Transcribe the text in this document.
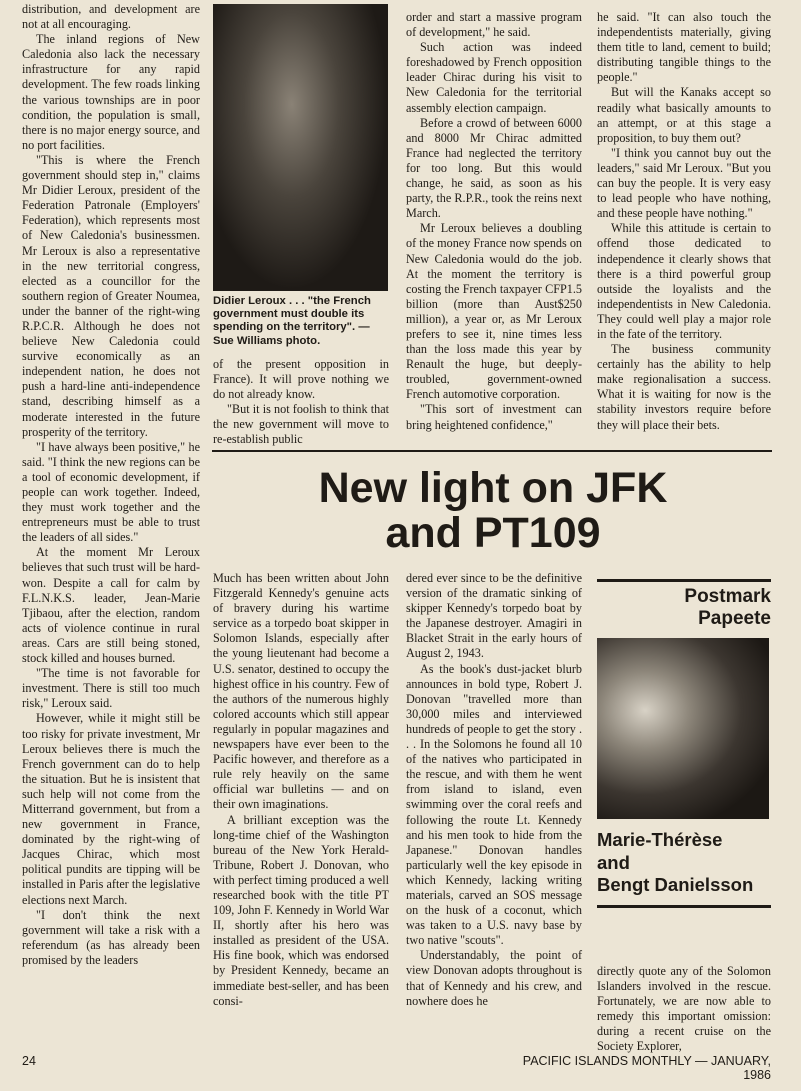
distribution, and development are not at all encouraging.

The inland regions of New Caledonia also lack the necessary infrastructure for any rapid development. The few roads linking the various townships are in poor condition, the population is small, there is no major energy source, and no port facilities.

"This is where the French government should step in," claims Mr Didier Leroux, president of the Federation Patronale (Employers' Federation), which represents most of New Caledonia's businessmen. Mr Leroux is also a representative in the new territorial congress, elected as a councillor for the southern region of Greater Noumea, under the banner of the right-wing R.P.C.R. Although he does not believe New Caledonia could survive economically as an independent nation, he does not push a hard-line anti-independence stand, describing himself as a moderate interested in the future prosperity of the territory.

"I have always been positive," he said. "I think the new regions can be a tool of economic development, if people can work together. Indeed, they must work together and the entrepreneurs must be able to trust the leaders of all sides."

At the moment Mr Leroux believes that such trust will be hard-won. Despite a call for calm by F.L.N.K.S. leader, Jean-Marie Tjibaou, after the election, random acts of violence continue in rural areas. Cars are still being stoned, stock killed and houses burned.

"The time is not favorable for investment. There is still too much risk," Leroux said.

However, while it might still be too risky for private investment, Mr Leroux believes there is much the French government can do to help the situation. But he is insistent that such help will not come from the Mitterrand government, but from a new government in France, dominated by the right-wing of Jacques Chirac, which most political pundits are tipping will be installed in Paris after the legislative elections next March.

"I don't think the next government will take a risk with a referendum (as has already been promised by the leaders

Didier Leroux . . . "the French government must double its spending on the territory". — Sue Williams photo.

of the present opposition in France). It will prove nothing we do not already know.

"But it is not foolish to think that the new government will move to re-establish public

order and start a massive program of development," he said.

Such action was indeed foreshadowed by French opposition leader Chirac during his visit to New Caledonia for the territorial assembly election campaign.

Before a crowd of between 6000 and 8000 Mr Chirac admitted France had neglected the territory for too long. But this would change, he said, as soon as his party, the R.P.R., took the reins next March.

Mr Leroux believes a doubling of the money France now spends on New Caledonia would do the job. At the moment the territory is costing the French taxpayer CFP1.5 billion (more than Aust$250 million), a year or, as Mr Leroux prefers to see it, nine times less than the loss made this year by Renault the huge, but deeply-troubled, government-owned French automotive corporation.

"This sort of investment can bring heightened confidence,"

he said. "It can also touch the independentists materially, giving them title to land, cement to build; distributing tangible things to the people."

But will the Kanaks accept so readily what basically amounts to an attempt, or at this stage a proposition, to buy them out?

"I think you cannot buy out the leaders," said Mr Leroux. "But you can buy the people. It is very easy to lead people who have nothing, and these people have nothing."

While this attitude is certain to offend those dedicated to independence it clearly shows that there is a third powerful group outside the loyalists and the independentists in New Caledonia. They could well play a major role in the fate of the territory.

The business community certainly has the ability to help make regionalisation a success. What it is waiting for now is the stability investors require before they will place their bets.

New light on JFK
and PT109

Much has been written about John Fitzgerald Kennedy's genuine acts of bravery during his wartime service as a torpedo boat skipper in Solomon Islands, especially after the young lieutenant had become a U.S. senator, destined to occupy the highest office in his country. Few of the authors of the numerous highly colored accounts which still appear regularly in popular magazines and newspapers have ever been to the Pacific however, and therefore as a rule rely heavily on the same official war bulletins — and on their own imaginations.

A brilliant exception was the long-time chief of the Washington bureau of the New York Herald-Tribune, Robert J. Donovan, who with perfect timing produced a well researched book with the title PT 109, John F. Kennedy in World War II, shortly after his hero was installed as president of the USA. His fine book, which was endorsed by President Kennedy, became an immediate best-seller, and has been consi-

dered ever since to be the definitive version of the dramatic sinking of skipper Kennedy's torpedo boat by the Japanese destroyer. Amagiri in Blacket Strait in the early hours of August 2, 1943.

As the book's dust-jacket blurb announces in bold type, Robert J. Donovan "travelled more than 30,000 miles and interviewed hundreds of people to get the story . . . In the Solomons he found all 10 of the natives who participated in the rescue, and with them he went from island to island, even swimming over the coral reefs and following the route Lt. Kennedy and his men took to hide from the Japanese." Donovan handles particularly well the key episode in which Kennedy, lacking writing materials, carved an SOS message on the husk of a coconut, which was taken to a U.S. navy base by two native "scouts".

Understandably, the point of view Donovan adopts throughout is that of Kennedy and his crew, and nowhere does he

Postmark
Papeete
Marie-Thérèse
and
Bengt Danielsson

directly quote any of the Solomon Islanders involved in the rescue. Fortunately, we are now able to remedy this important omission: during a recent cruise on the Society Explorer,

24	PACIFIC ISLANDS MONTHLY — JANUARY, 1986
